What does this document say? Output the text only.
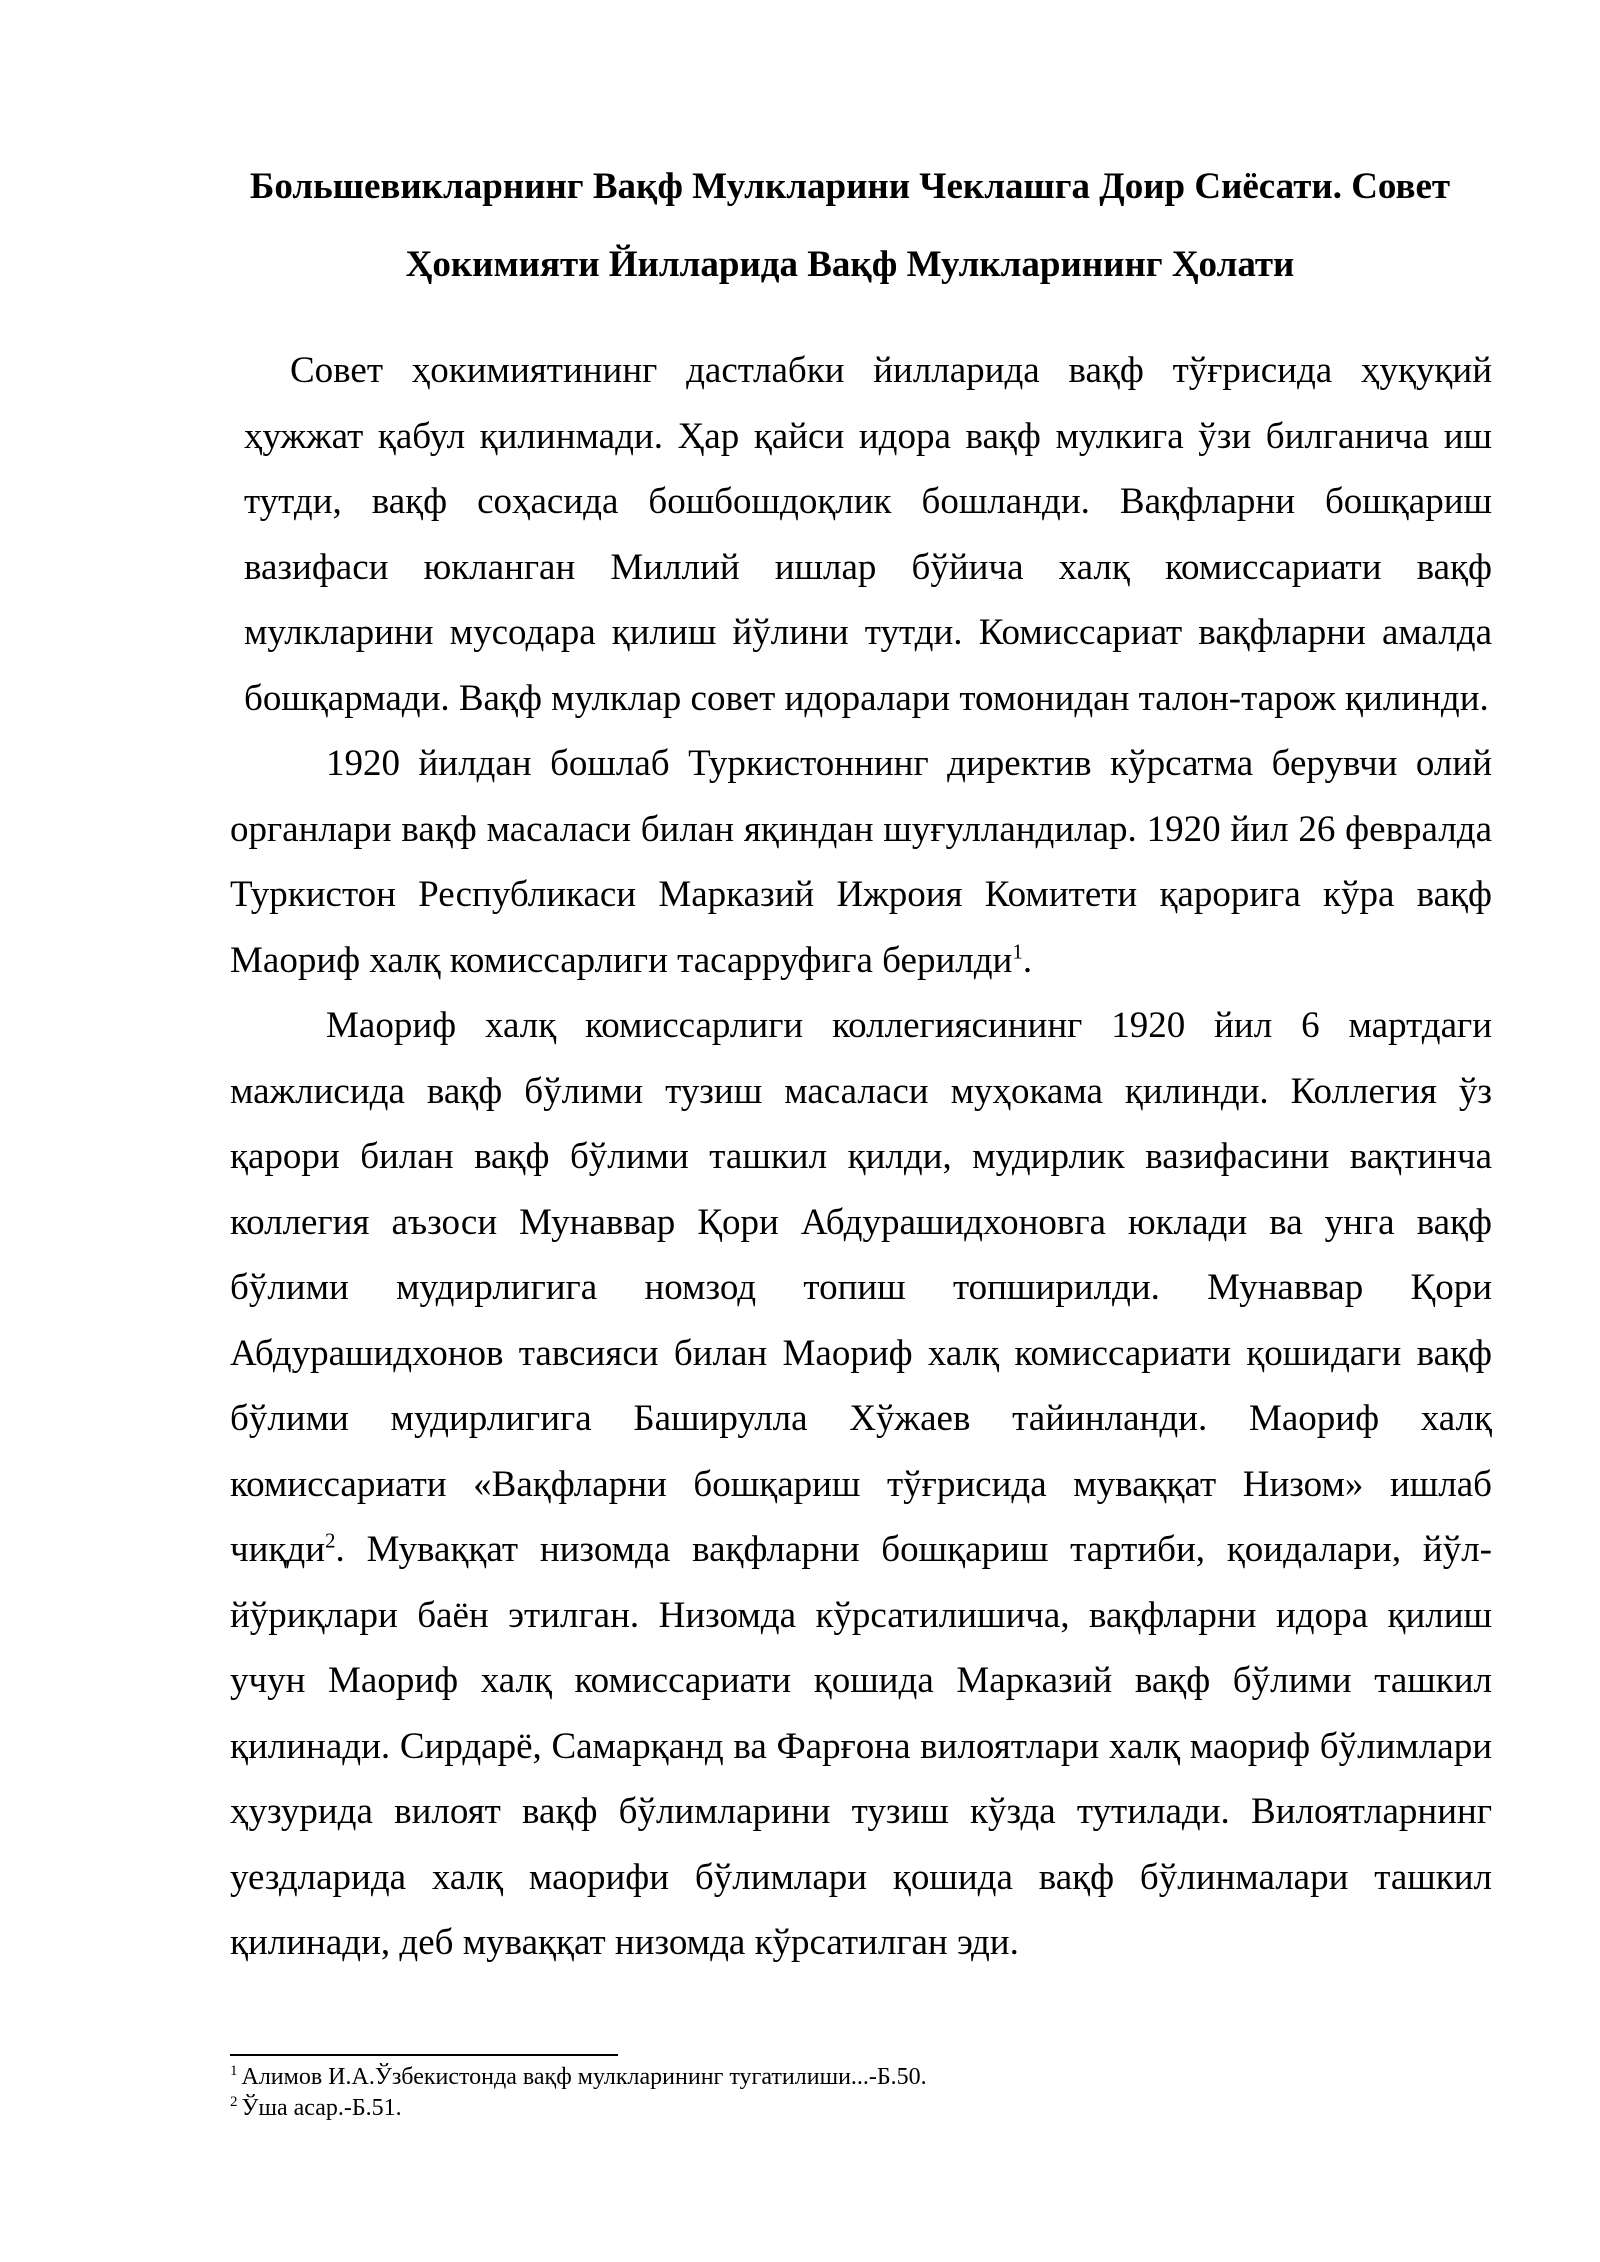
Большевикларнинг Вақф Мулкларини Чеклашга Доир Сиёсати. Совет
Ҳокимияти Йилларида Вақф Мулкларининг Ҳолати

Совет ҳокимиятининг дастлабки йилларида вақф тўғрисида ҳуқуқий ҳужжат қабул қилинмади. Ҳар қайси идора вақф мулкига ўзи билганича иш тутди, вақф соҳасида бошбошдоқлик бошланди. Вақфларни бошқариш вазифаси юкланган Миллий ишлар бўйича халқ комиссариати вақф мулкларини мусодара қилиш йўлини тутди. Комиссариат вақфларни амалда бошқармади. Вақф мулклар совет идоралари томонидан талон-тарож қилинди.

1920 йилдан бошлаб Туркистоннинг директив кўрсатма берувчи олий органлари вақф масаласи билан яқиндан шуғулландилар. 1920 йил 26 февралда Туркистон Республикаси Марказий Ижроия Комитети қарорига кўра вақф Маориф халқ комиссарлиги тасарруфига берилди$^1$.

Маориф халқ комиссарлиги коллегиясининг 1920 йил 6 мартдаги мажлисида вақф бўлими тузиш масаласи муҳокама қилинди. Коллегия ўз қарори билан вақф бўлими ташкил қилди, мудирлик вазифасини вақтинча коллегия аъзоси Мунаввар Қори Абдурашидхоновга юклади ва унга вақф бўлими мудирлигига номзод топиш топширилди. Мунаввар Қори Абдурашидхонов тавсияси билан Маориф халқ комиссариати қошидаги вақф бўлими мудирлигига Баширулла Хўжаев тайинланди. Маориф халқ комиссариати «Вақфларни бошқариш тўғрисида муваққат Низом» ишлаб чиқди$^2$. Муваққат низомда вақфларни бошқариш тартиби, қоидалари, йўл-йўриқлари баён этилган. Низомда кўрсатилишича, вақфларни идора қилиш учун Маориф халқ комиссариати қошида Марказий вақф бўлими ташкил қилинади. Сирдарё, Самарқанд ва Фарғона вилоятлари халқ маориф бўлимлари ҳузурида вилоят вақф бўлимларини тузиш кўзда тутилади. Вилоятларнинг уездларида халқ маорифи бўлимлари қошида вақф бўлинмалари ташкил қилинади, деб муваққат низомда кўрсатилган эди.

$^1$ Алимов И.А.Ўзбекистонда вақф мулкларининг тугатилиши...-Б.50.

$^2$ Ўша асар.-Б.51.
